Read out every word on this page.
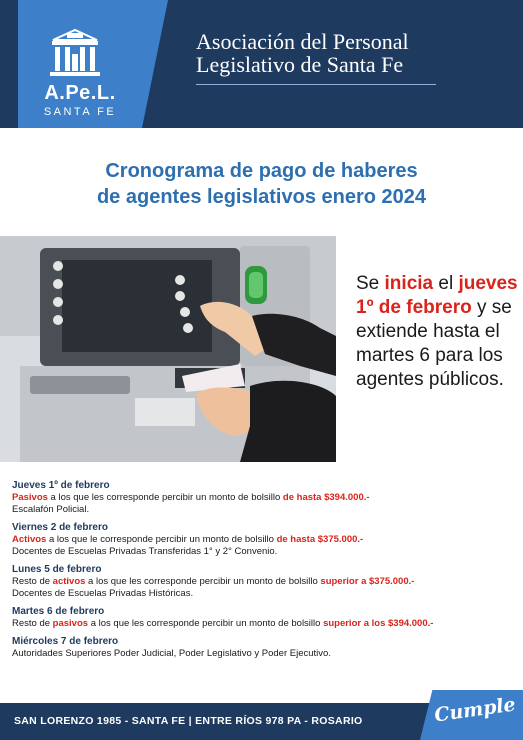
A.Pe.L.
SANTA FE
Asociación del Personal
Legislativo de Santa Fe
Cronograma de pago de haberes
de agentes legislativos enero 2024
Se inicia el jueves 1º de febrero y se extiende hasta el martes 6 para los agentes públicos.
Jueves 1º de febrero
Pasivos a los que les corresponde percibir un monto de bolsillo de hasta $394.000.-
Escalafón Policial.
Viernes 2 de febrero
Activos a los que le corresponde percibir un monto de bolsillo de hasta $375.000.-
Docentes de Escuelas Privadas Transferidas 1° y 2° Convenio.
Lunes 5 de febrero
Resto de activos a los que les corresponde percibir un monto de bolsillo superior a $375.000.-
Docentes de Escuelas Privadas Históricas.
Martes 6 de febrero
Resto de pasivos a los que les corresponde percibir un monto de bolsillo superior a los $394.000.-
Miércoles 7 de febrero
Autoridades Superiores Poder Judicial, Poder Legislativo y Poder Ejecutivo.
SAN LORENZO 1985 - SANTA FE | ENTRE RÍOS 978 PA - ROSARIO	Cumple
